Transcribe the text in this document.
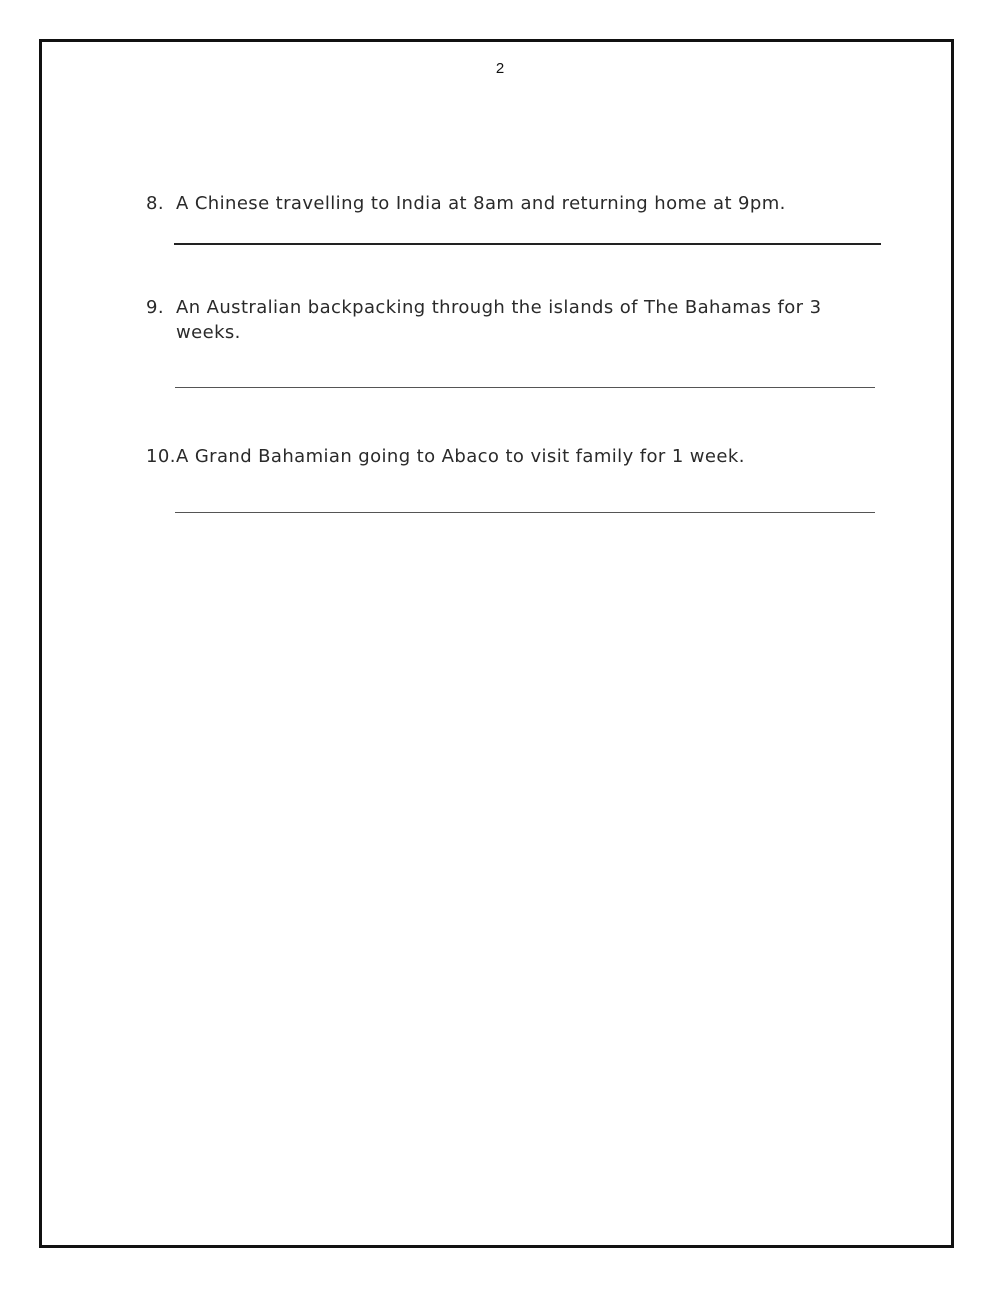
2
8. A Chinese travelling to India at 8am and returning home at 9pm.
9. An Australian backpacking through the islands of The Bahamas for 3 weeks.
10. A Grand Bahamian going to Abaco to visit family for 1 week.
